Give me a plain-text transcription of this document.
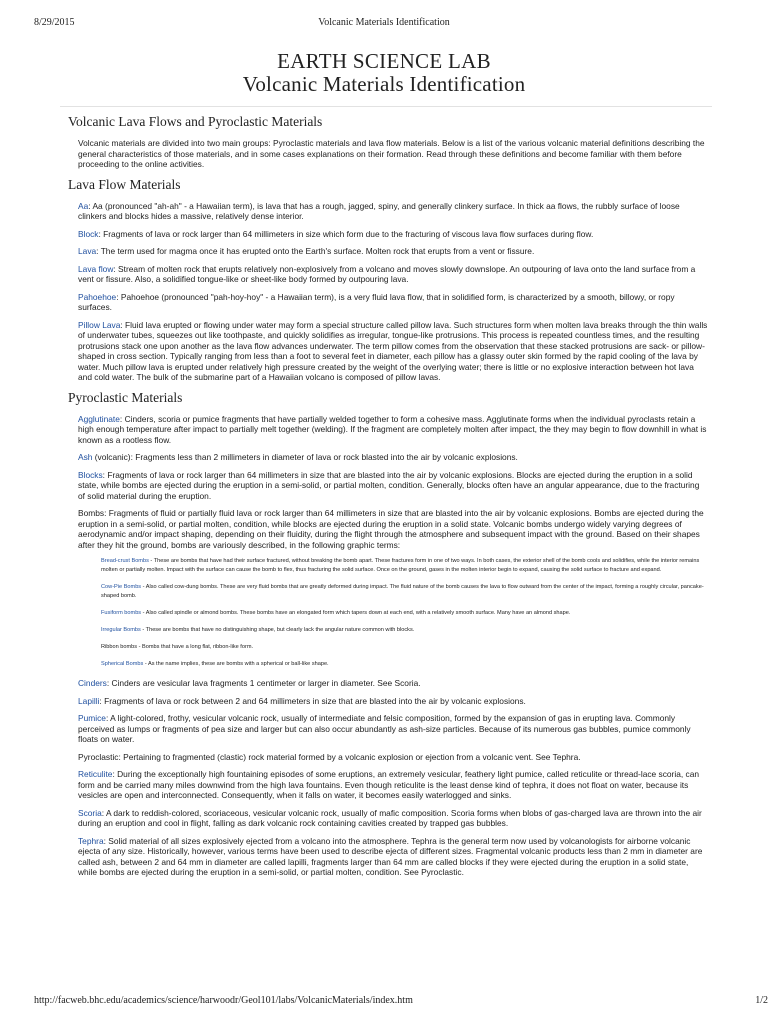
8/29/2015	Volcanic Materials Identification
EARTH SCIENCE LAB
Volcanic Materials Identification
Volcanic Lava Flows and Pyroclastic Materials

Volcanic materials are divided into two main groups: Pyroclastic materials and lava flow materials. Below is a list of the various volcanic material definitions describing the general characteristics of those materials, and in some cases explanations on their formation. Read through these definitions and become familiar with them before proceeding to the online activities.

Lava Flow Materials

Aa: Aa (pronounced "ah-ah" - a Hawaiian term), is lava that has a rough, jagged, spiny, and generally clinkery surface. In thick aa flows, the rubbly surface of loose clinkers and blocks hides a massive, relatively dense interior.

Block: Fragments of lava or rock larger than 64 millimeters in size which form due to the fracturing of viscous lava flow surfaces during flow.

Lava: The term used for magma once it has erupted onto the Earth's surface. Molten rock that erupts from a vent or fissure.

Lava flow: Stream of molten rock that erupts relatively non-explosively from a volcano and moves slowly downslope. An outpouring of lava onto the land surface from a vent or fissure. Also, a solidified tongue-like or sheet-like body formed by outpouring lava.

Pahoehoe: Pahoehoe (pronounced "pah-hoy-hoy" - a Hawaiian term), is a very fluid lava flow, that in solidified form, is characterized by a smooth, billowy, or ropy surfaces.

Pillow Lava: Fluid lava erupted or flowing under water may form a special structure called pillow lava. Such structures form when molten lava breaks through the thin walls of underwater tubes, squeezes out like toothpaste, and quickly solidifies as irregular, tongue-like protrusions. This process is repeated countless times, and the resulting protrusions stack one upon another as the lava flow advances underwater. The term pillow comes from the observation that these stacked protrusions are sack- or pillow-shaped in cross section. Typically ranging from less than a foot to several feet in diameter, each pillow has a glassy outer skin formed by the rapid cooling of the lava by water. Much pillow lava is erupted under relatively high pressure created by the weight of the overlying water; there is little or no explosive interaction between hot lava and cold water. The bulk of the submarine part of a Hawaiian volcano is composed of pillow lavas.

Pyroclastic Materials

Agglutinate: Cinders, scoria or pumice fragments that have partially welded together to form a cohesive mass. Agglutinate forms when the individual pyroclasts retain a high enough temperature after impact to partially melt together (welding). If the fragment are completely molten after impact, the they may begin to flow downhill in what is known as a rootless flow.

Ash (volcanic): Fragments less than 2 millimeters in diameter of lava or rock blasted into the air by volcanic explosions.

Blocks: Fragments of lava or rock larger than 64 millimeters in size that are blasted into the air by volcanic explosions. Blocks are ejected during the eruption in a solid state, while bombs are ejected during the eruption in a semi-solid, or partial molten, condition. Generally, blocks often have an angular appearance, due to the fracturing of solid material during the eruption.

Bombs: Fragments of fluid or partially fluid lava or rock larger than 64 millimeters in size that are blasted into the air by volcanic explosions. Bombs are ejected during the eruption in a semi-solid, or partial molten, condition, while blocks are ejected during the eruption in a solid state. Volcanic bombs undergo widely varying degrees of aerodynamic and/or impact shaping, depending on their fluidity, during the flight through the atmosphere and subsequent impact with the ground. Based on their shapes after they hit the ground, bombs are variously described, in the following graphic terms:

Bread-crust Bombs - These are bombs that have had their surface fractured, without breaking the bomb apart. These fractures form in one of two ways. In both cases, the exterior shell of the bomb cools and solidifies, while the interior remains molten or partially molten. Impact with the surface can cause the bomb to flex, thus fracturing the solid surface. Once on the ground, gases in the molten interior begin to expand, causing the solid surface to fracture and expand.

Cow-Pie Bombs - Also called cow-dung bombs. These are very fluid bombs that are greatly deformed during impact. The fluid nature of the bomb causes the lava to flow outward from the center of the impact, forming a roughly circular, pancake-shaped bomb.

Fusiform bombs - Also called spindle or almond bombs. These bombs have an elongated form which tapers down at each end, with a relatively smooth surface. Many have an almond shape.

Irregular Bombs - These are bombs that have no distinguishing shape, but clearly lack the angular nature common with blocks.

Ribbon bombs - Bombs that have a long flat, ribbon-like form.

Spherical Bombs - As the name implies, these are bombs with a spherical or ball-like shape.

Cinders: Cinders are vesicular lava fragments 1 centimeter or larger in diameter. See Scoria.

Lapilli: Fragments of lava or rock between 2 and 64 millimeters in size that are blasted into the air by volcanic explosions.

Pumice: A light-colored, frothy, vesicular volcanic rock, usually of intermediate and felsic composition, formed by the expansion of gas in erupting lava. Commonly perceived as lumps or fragments of pea size and larger but can also occur abundantly as ash-size particles. Because of its numerous gas bubbles, pumice commonly floats on water.

Pyroclastic: Pertaining to fragmented (clastic) rock material formed by a volcanic explosion or ejection from a volcanic vent. See Tephra.

Reticulite: During the exceptionally high fountaining episodes of some eruptions, an extremely vesicular, feathery light pumice, called reticulite or thread-lace scoria, can form and be carried many miles downwind from the high lava fountains. Even though reticulite is the least dense kind of tephra, it does not float on water, because its vesicles are open and interconnected. Consequently, when it falls on water, it becomes easily waterlogged and sinks.

Scoria: A dark to reddish-colored, scoriaceous, vesicular volcanic rock, usually of mafic composition. Scoria forms when blobs of gas-charged lava are thrown into the air during an eruption and cool in flight, falling as dark volcanic rock containing cavities created by trapped gas bubbles.

Tephra: Solid material of all sizes explosively ejected from a volcano into the atmosphere. Tephra is the general term now used by volcanologists for airborne volcanic ejecta of any size. Historically, however, various terms have been used to describe ejecta of different sizes. Fragmental volcanic products less than 2 mm in diameter are called ash, between 2 and 64 mm in diameter are called lapilli, fragments larger than 64 mm are called blocks if they were ejected during the eruption in a solid state, while bombs are ejected during the eruption in a semi-solid, or partial molten, condition. See Pyroclastic.

http://facweb.bhc.edu/academics/science/harwoodr/Geol101/labs/VolcanicMaterials/index.htm	1/2
